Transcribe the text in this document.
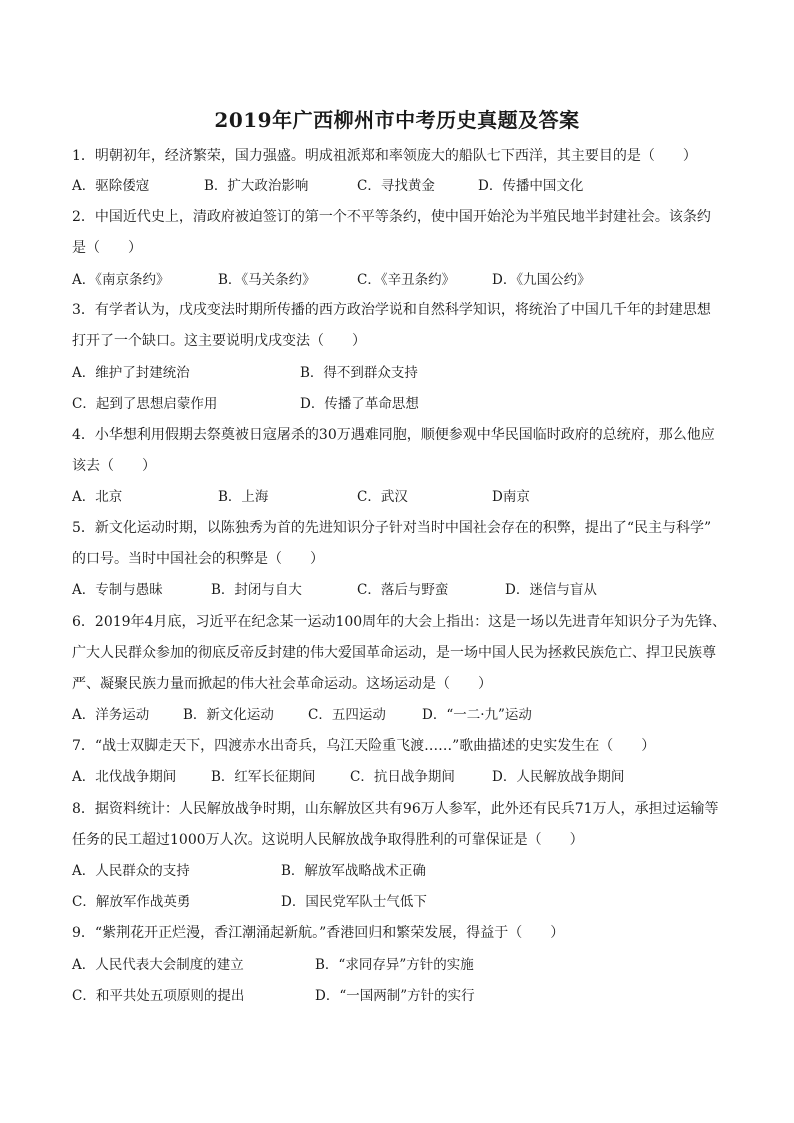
2019年广西柳州市中考历史真题及答案
1．明朝初年，经济繁荣，国力强盛。明成祖派郑和率领庞大的船队七下西洋，其主要目的是（　　）
A．驱除倭寇	B．扩大政治影响	C．寻找黄金	D．传播中国文化
2．中国近代史上，清政府被迫签订的第一个不平等条约，使中国开始沦为半殖民地半封建社会。该条约
是（　　）
A．《南京条约》	B．《马关条约》	C．《辛丑条约》	D．《九国公约》
3．有学者认为，戊戌变法时期所传播的西方政治学说和自然科学知识，将统治了中国几千年的封建思想
打开了一个缺口。这主要说明戊戌变法（　　）
A．维护了封建统治	B．得不到群众支持
C．起到了思想启蒙作用	D．传播了革命思想
4．小华想利用假期去祭奠被日寇屠杀的30万遇难同胞，顺便参观中华民国临时政府的总统府，那么他应
该去（　　）
A．北京	B．上海	C．武汉	D南京
5．新文化运动时期，以陈独秀为首的先进知识分子针对当时中国社会存在的积弊，提出了“民主与科学”
的口号。当时中国社会的积弊是（　　）
A．专制与愚昧	B．封闭与自大	C．落后与野蛮	D．迷信与盲从
6．2019年4月底，习近平在纪念某一运动100周年的大会上指出：这是一场以先进青年知识分子为先锋、
广大人民群众参加的彻底反帝反封建的伟大爱国革命运动，是一场中国人民为拯救民族危亡、捍卫民族尊
严、凝聚民族力量而掀起的伟大社会革命运动。这场运动是（　　）
A．洋务运动	B．新文化运动	C．五四运动	D．“一二·九”运动
7．“战士双脚走天下，四渡赤水出奇兵，乌江天险重飞渡……”歌曲描述的史实发生在（　　）
A．北伐战争期间	B．红军长征期间	C．抗日战争期间	D．人民解放战争期间
8．据资料统计：人民解放战争时期，山东解放区共有96万人参军，此外还有民兵71万人，承担过运输等
任务的民工超过1000万人次。这说明人民解放战争取得胜利的可靠保证是（　　）
A．人民群众的支持	B．解放军战略战术正确
C．解放军作战英勇	D．国民党军队士气低下
9．“紫荆花开正烂漫，香江潮涌起新航。”香港回归和繁荣发展，得益于（　　）
A．人民代表大会制度的建立	B．“求同存异”方针的实施
C．和平共处五项原则的提出	D．“一国两制”方针的实行
